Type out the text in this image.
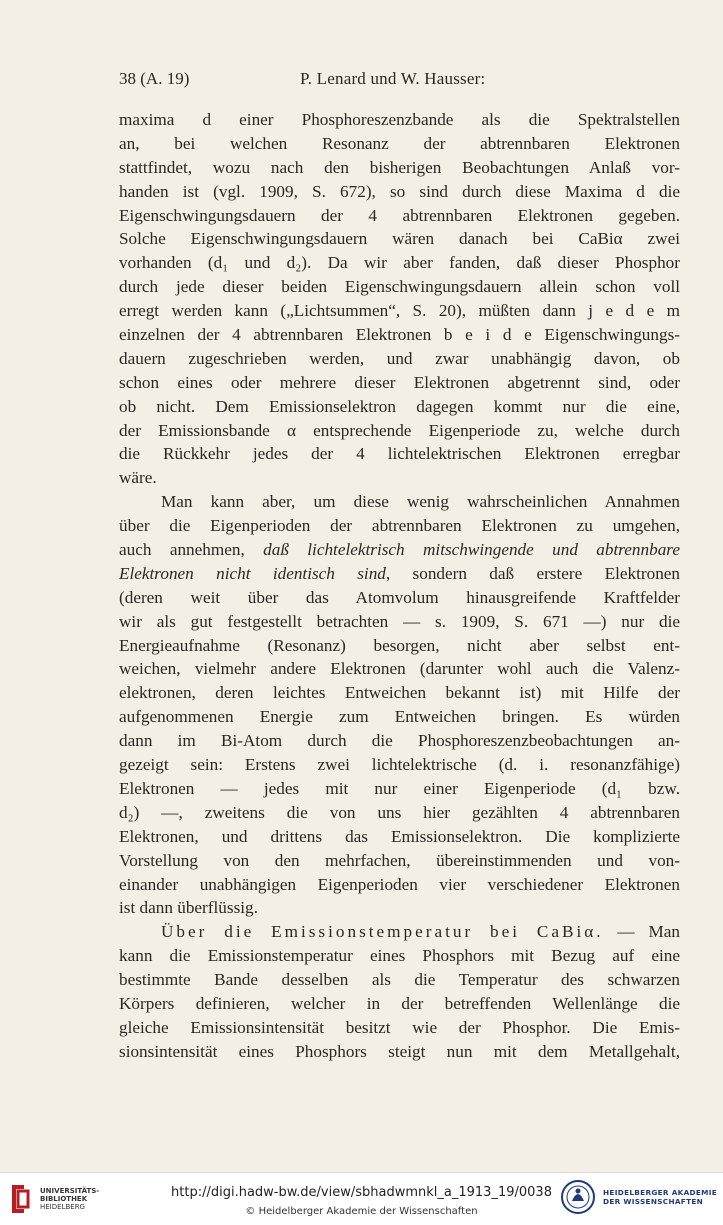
38 (A. 19)	P. Lenard und W. Hausser:
maxima d einer Phosphoreszenzbande als die Spektralstellen
an, bei welchen Resonanz der abtrennbaren Elektronen
stattfindet, wozu nach den bisherigen Beobachtungen Anlaß vor-
handen ist (vgl. 1909, S. 672), so sind durch diese Maxima d die
Eigenschwingungsdauern der 4 abtrennbaren Elektronen gegeben.
Solche Eigenschwingungsdauern wären danach bei CaBiα zwei
vorhanden (d₁ und d₂). Da wir aber fanden, daß dieser Phosphor
durch jede dieser beiden Eigenschwingungsdauern allein schon voll
erregt werden kann („Lichtsummen“, S. 20), müßten dann j e d e m
einzelnen der 4 abtrennbaren Elektronen b e i d e Eigenschwingungs-
dauern zugeschrieben werden, und zwar unabhängig davon, ob
schon eines oder mehrere dieser Elektronen abgetrennt sind, oder
ob nicht. Dem Emissionselektron dagegen kommt nur die eine,
der Emissionsbande α entsprechende Eigenperiode zu, welche durch
die Rückkehr jedes der 4 lichtelektrischen Elektronen erregbar
wäre.
Man kann aber, um diese wenig wahrscheinlichen Annahmen
über die Eigenperioden der abtrennbaren Elektronen zu umgehen,
auch annehmen, daß lichtelektrisch mitschwingende und abtrennbare
Elektronen nicht identisch sind, sondern daß erstere Elektronen
(deren weit über das Atomvolum hinausgreifende Kraftfelder
wir als gut festgestellt betrachten — s. 1909, S. 671 —) nur die
Energieaufnahme (Resonanz) besorgen, nicht aber selbst ent-
weichen, vielmehr andere Elektronen (darunter wohl auch die Valenz-
elektronen, deren leichtes Entweichen bekannt ist) mit Hilfe der
aufgenommenen Energie zum Entweichen bringen. Es würden
dann im Bi-Atom durch die Phosphoreszenzbeobachtungen an-
gezeigt sein: Erstens zwei lichtelektrische (d. i. resonanzfähige)
Elektronen — jedes mit nur einer Eigenperiode (d₁ bzw.
d₂) —, zweitens die von uns hier gezählten 4 abtrennbaren
Elektronen, und drittens das Emissionselektron. Die komplizierte
Vorstellung von den mehrfachen, übereinstimmenden und von-
einander unabhängigen Eigenperioden vier verschiedener Elektronen
ist dann überflüssig.
Über die Emissionstemperatur bei CaBiα. — Man
kann die Emissionstemperatur eines Phosphors mit Bezug auf eine
bestimmte Bande desselben als die Temperatur des schwarzen
Körpers definieren, welcher in der betreffenden Wellenlänge die
gleiche Emissionsintensität besitzt wie der Phosphor. Die Emis-
sionsintensität eines Phosphors steigt nun mit dem Metallgehalt,
UNIVERSITÄTS-
BIBLIOTHEK
HEIDELBERG
http://digi.hadw-bw.de/view/sbhadwmnkl_a_1913_19/0038
© Heidelberger Akademie der Wissenschaften
HEIDELBERGER AKADEMIE
DER WISSENSCHAFTEN
